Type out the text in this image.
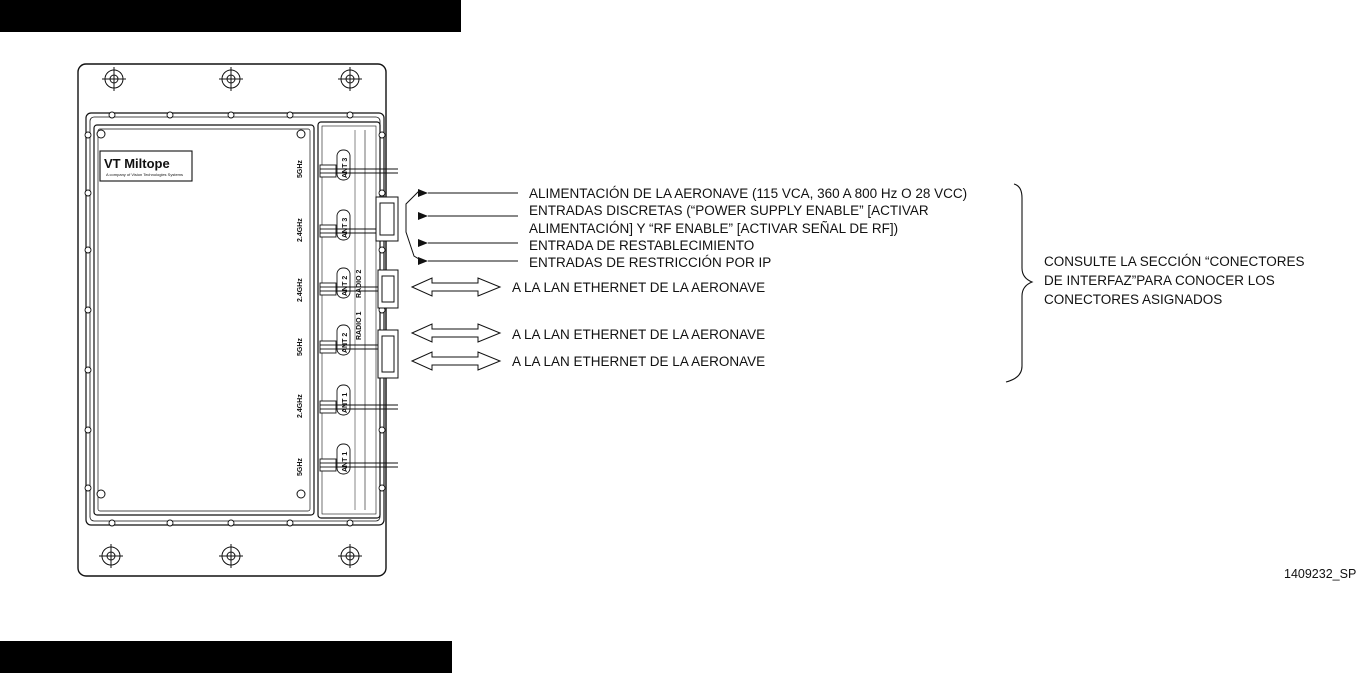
VT Miltope
A company of Vision Technologies Systems	5GHz
2.4GHz
2.4GHz
5GHz
2.4GHz
5GHz
ANT 3
ANT 3
ANT 2
ANT 2
ANT 1
ANT 1
RADIO 1
RADIO 2
ALIMENTACIÓN DE LA AERONAVE (115 VCA, 360 A 800 Hz O 28 VCC)
ENTRADAS DISCRETAS (“POWER SUPPLY ENABLE” [ACTIVAR
ALIMENTACIÓN] Y “RF ENABLE” [ACTIVAR SEÑAL DE RF])
ENTRADA DE RESTABLECIMIENTO
ENTRADAS DE RESTRICCIÓN POR IP
A LA LAN ETHERNET DE LA AERONAVE
A LA LAN ETHERNET DE LA AERONAVE
A LA LAN ETHERNET DE LA AERONAVE
CONSULTE LA SECCIÓN “CONECTORES
DE INTERFAZ”PARA CONOCER LOS
CONECTORES ASIGNADOS
1409232_SP
